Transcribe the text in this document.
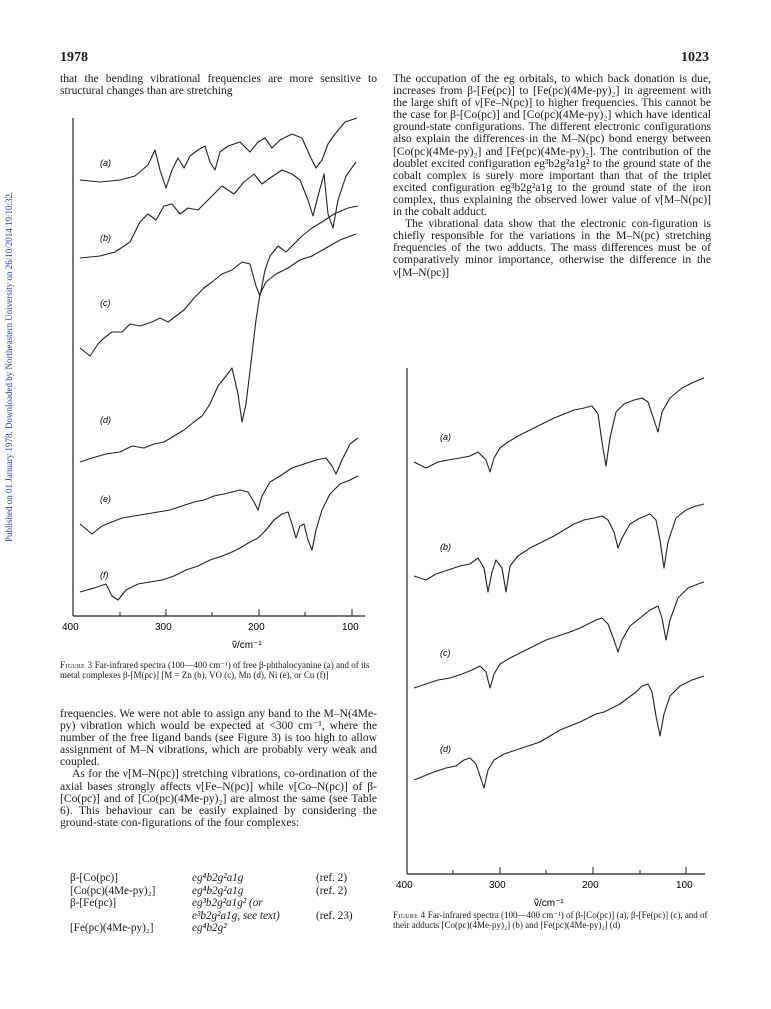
1978	1023
Published on 01 January 1978. Downloaded by Northeastern University on 26/10/2014 19:10:32.

that the bending vibrational frequencies are more sensitive to structural changes than are stretching

400	300	200	100
ṽ/cm⁻¹
(a)
(b)
(c)
(d)
(e)
(f)
Figure 3 Far-infrared spectra (100—400 cm⁻¹) of free β-phthalocyanine (a) and of its metal complexes β-[M(pc)] [M = Zn (b), VO (c), Mn (d), Ni (e), or Cu (f)]

frequencies. We were not able to assign any band to the M–N(4Me-py) vibration which would be expected at <300 cm⁻¹, where the number of the free ligand bands (see Figure 3) is too high to allow assignment of M–N vibrations, which are probably very weak and coupled.

As for the ν[M–N(pc)] stretching vibrations, co-ordination of the axial bases strongly affects ν[Fe–N(pc)] while ν[Co–N(pc)] of β-[Co(pc)] and of [Co(pc)(4Me-py)₂] are almost the same (see Table 6). This behaviour can be easily explained by considering the ground-state con-figurations of the four complexes:

β-[Co(pc)]	eg⁴b2g²a1g	(ref. 2)
[Co(pc)(4Me-py)₂]	eg⁴b2g²a1g	(ref. 2)
β-[Fe(pc)]	eg³b2g²a1g² (or
e³b2g²a1g, see text)	(ref. 23)
[Fe(pc)(4Me-py)₂]	eg⁴b2g²

The occupation of the eg orbitals, to which back donation is due, increases from β-[Fe(pc)] to [Fe(pc)(4Me-py)₂] in agreement with the large shift of ν[Fe–N(pc)] to higher frequencies. This cannot be the case for β-[Co(pc)] and [Co(pc)(4Me-py)₂] which have identical ground-state configurations. The different electronic configurations also explain the differences in the M–N(pc) bond energy between [Co(pc)(4Me-py)₂] and [Fe(pc)(4Me-py)₂]. The contribution of the doublet excited configuration eg³b2g²a1g² to the ground state of the cobalt complex is surely more important than that of the triplet excited configuration eg³b2g²a1g to the ground state of the iron complex, thus explaining the observed lower value of ν[M–N(pc)] in the cobalt adduct.

The vibrational data show that the electronic con-figuration is chiefly responsible for the variations in the M–N(pc) stretching frequencies of the two adducts. The mass differences must be of comparatively minor importance, otherwise the difference in the ν[M–N(pc)]

400	300	200	100
ṽ/cm⁻¹
(a)
(b)
(c)
(d)
Figure 4 Far-infrared spectra (100—400 cm⁻¹) of β-[Co(pc)] (a), β-[Fe(pc)] (c), and of their adducts [Co(pc)(4Me-py)₂] (b) and [Fe(pc)(4Me-py)₂] (d)
